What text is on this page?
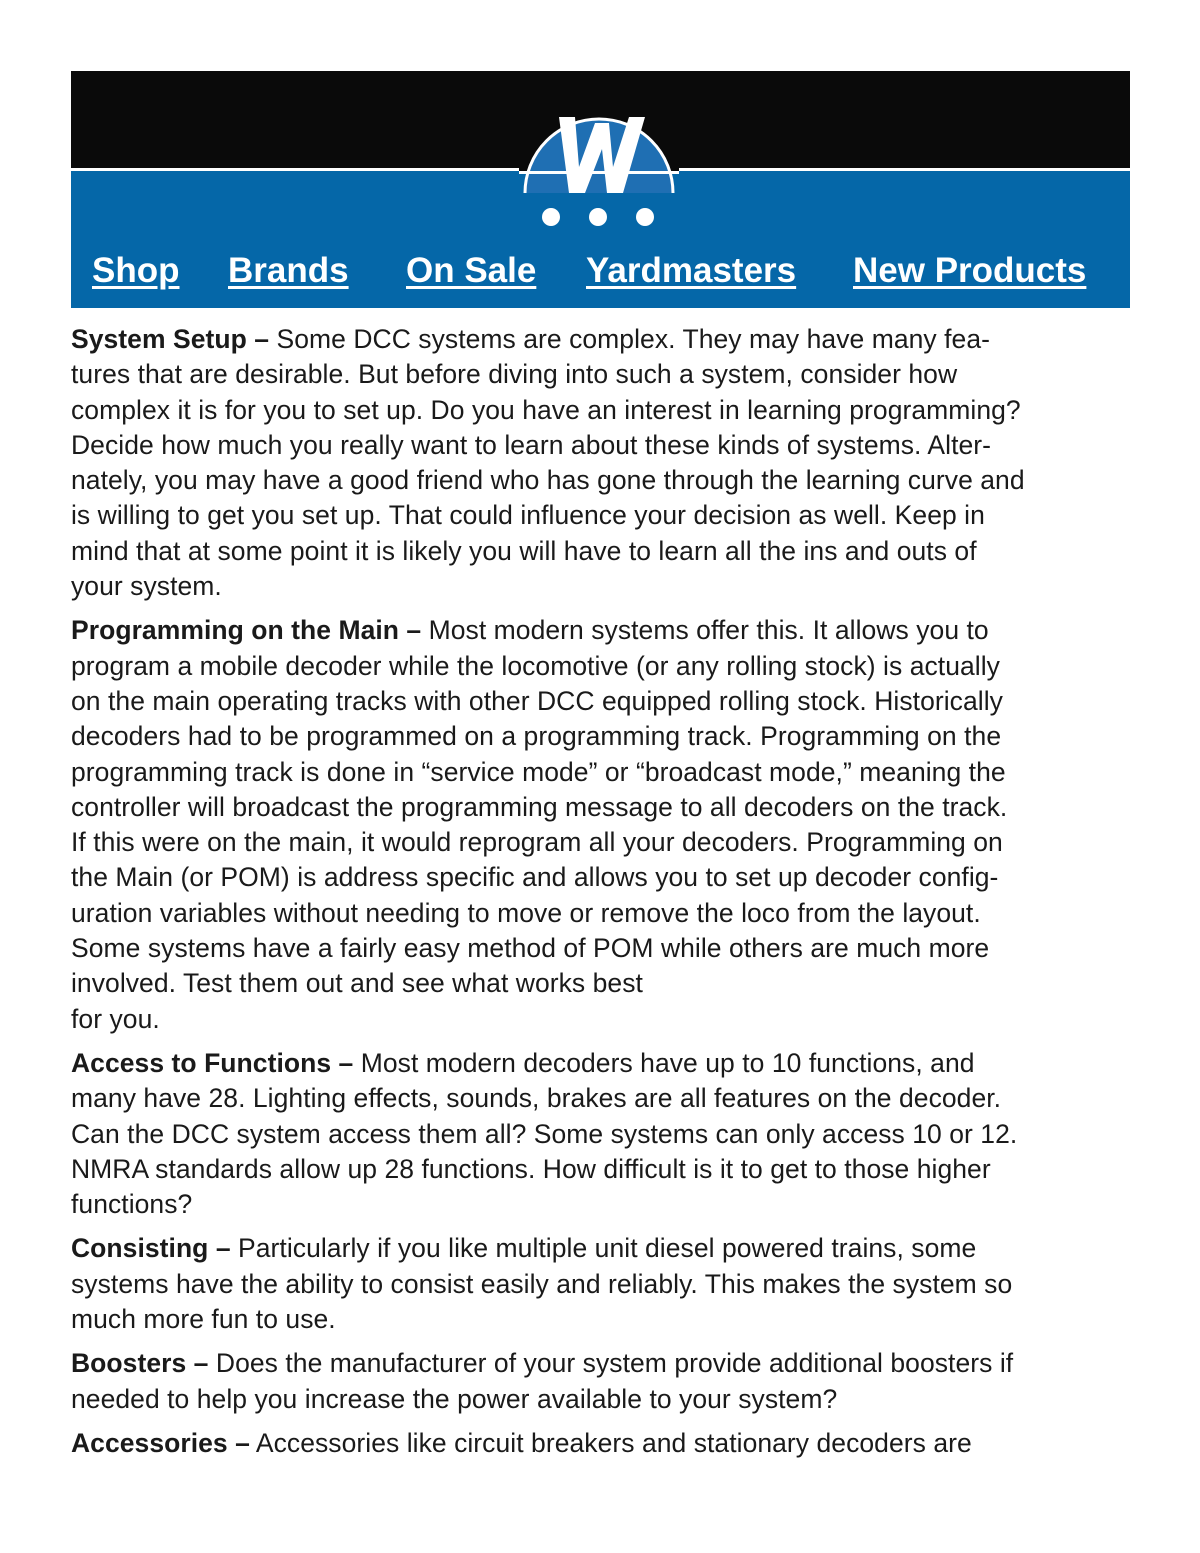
Shop Brands On Sale Yardmasters New Products

System Setup – Some DCC systems are complex. They may have many fea-
tures that are desirable. But before diving into such a system, consider how
complex it is for you to set up. Do you have an interest in learning programming?
Decide how much you really want to learn about these kinds of systems. Alter-
nately, you may have a good friend who has gone through the learning curve and
is willing to get you set up. That could influence your decision as well. Keep in
mind that at some point it is likely you will have to learn all the ins and outs of
your system.

Programming on the Main – Most modern systems offer this. It allows you to
program a mobile decoder while the locomotive (or any rolling stock) is actually
on the main operating tracks with other DCC equipped rolling stock. Historically
decoders had to be programmed on a programming track. Programming on the
programming track is done in “service mode” or “broadcast mode,” meaning the
controller will broadcast the programming message to all decoders on the track.
If this were on the main, it would reprogram all your decoders. Programming on
the Main (or POM) is address specific and allows you to set up decoder config-
uration variables without needing to move or remove the loco from the layout.
Some systems have a fairly easy method of POM while others are much more
involved. Test them out and see what works best
for you.

Access to Functions – Most modern decoders have up to 10 functions, and
many have 28. Lighting effects, sounds, brakes are all features on the decoder.
Can the DCC system access them all? Some systems can only access 10 or 12.
NMRA standards allow up 28 functions. How difficult is it to get to those higher
functions?

Consisting – Particularly if you like multiple unit diesel powered trains, some
systems have the ability to consist easily and reliably. This makes the system so
much more fun to use.

Boosters – Does the manufacturer of your system provide additional boosters if
needed to help you increase the power available to your system?

Accessories – Accessories like circuit breakers and stationary decoders are
